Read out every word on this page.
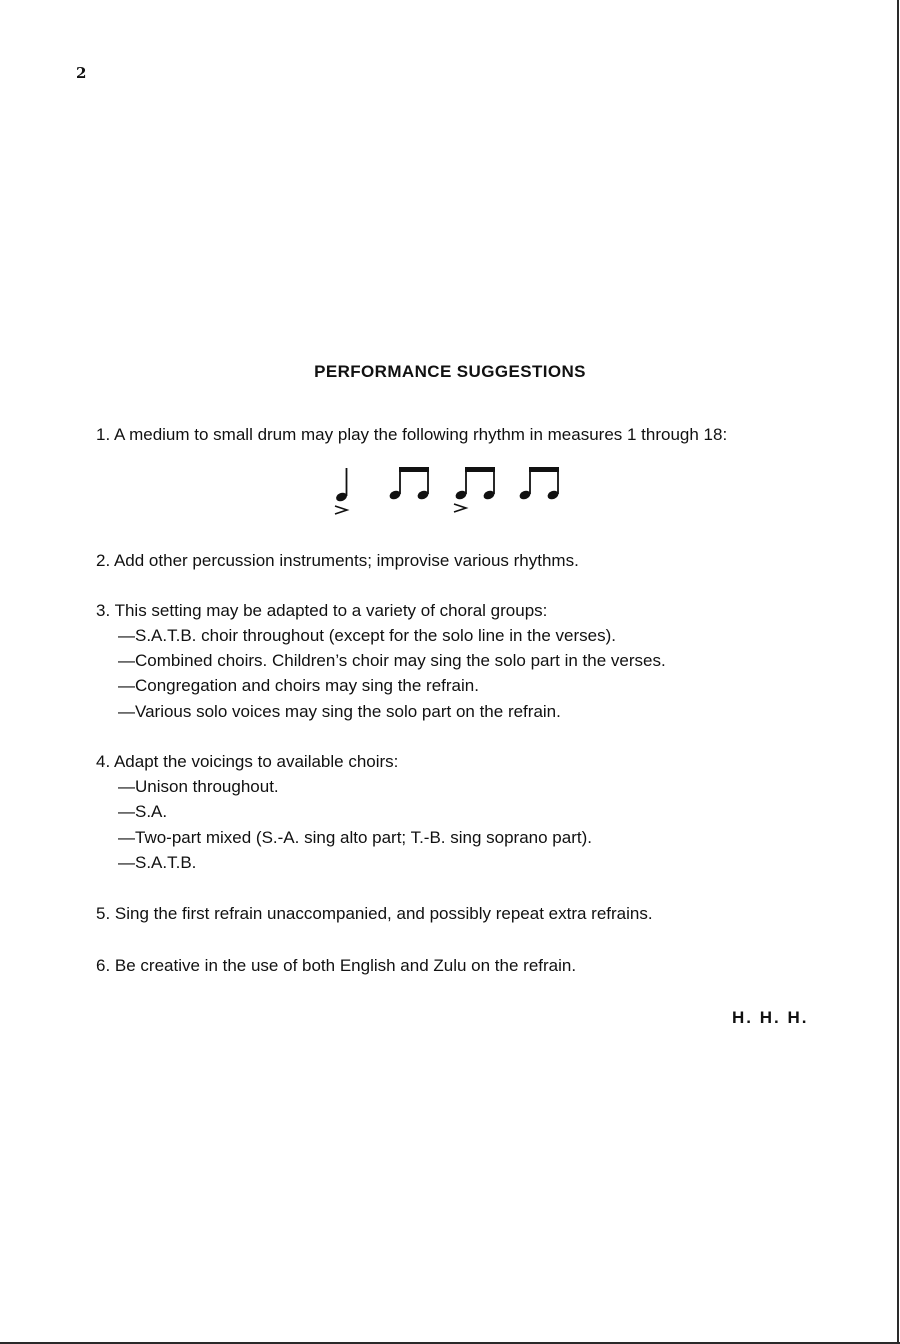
2
PERFORMANCE SUGGESTIONS
1. A medium to small drum may play the following rhythm in measures 1 through 18:
2. Add other percussion instruments; improvise various rhythms.
3. This setting may be adapted to a variety of choral groups:
—S.A.T.B. choir throughout (except for the solo line in the verses).
—Combined choirs. Children’s choir may sing the solo part in the verses.
—Congregation and choirs may sing the refrain.
—Various solo voices may sing the solo part on the refrain.
4. Adapt the voicings to available choirs:
—Unison throughout.
—S.A.
—Two-part mixed (S.-A. sing alto part; T.-B. sing soprano part).
—S.A.T.B.
5. Sing the first refrain unaccompanied, and possibly repeat extra refrains.
6. Be creative in the use of both English and Zulu on the refrain.
H. H. H.
